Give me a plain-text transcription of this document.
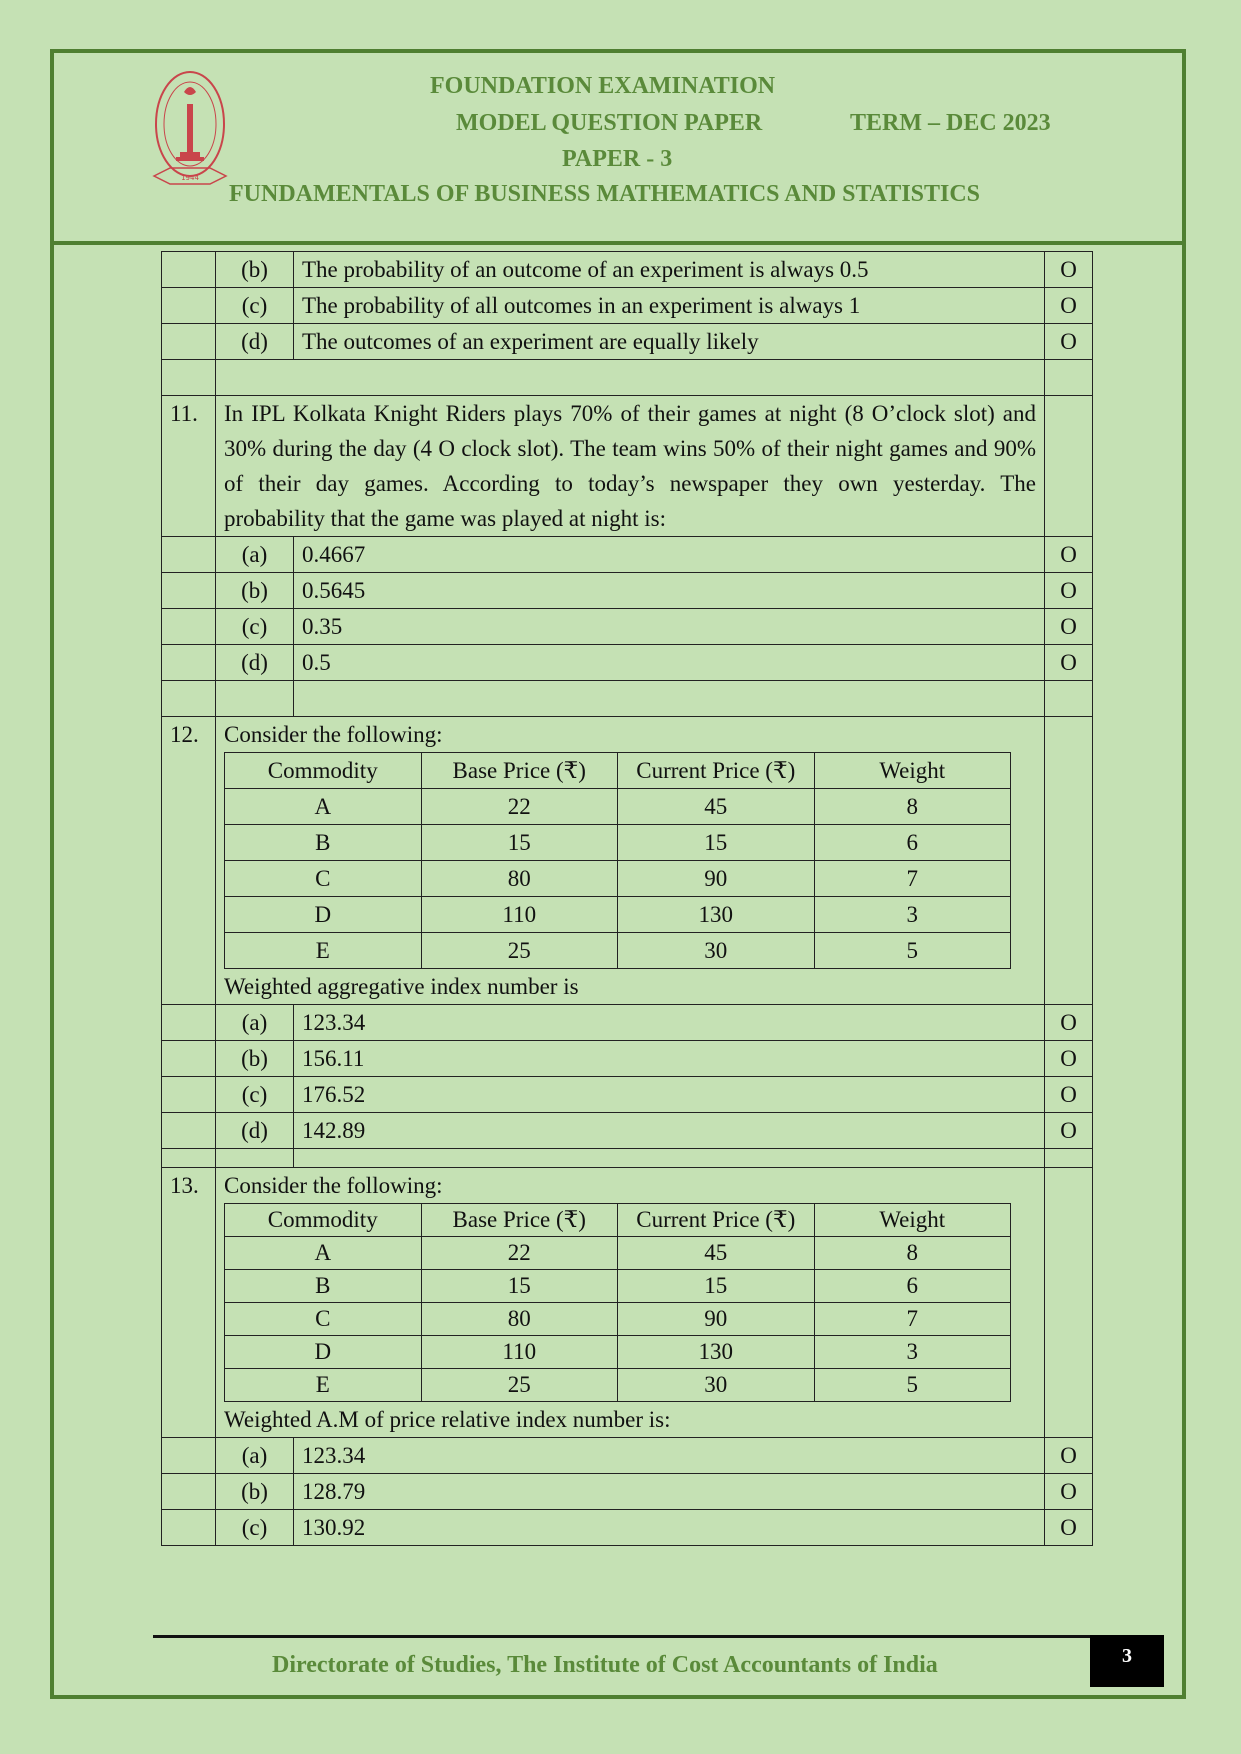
1944
FOUNDATION EXAMINATION
MODEL QUESTION PAPER	TERM – DEC 2023
PAPER - 3
FUNDAMENTALS OF BUSINESS MATHEMATICS AND STATISTICS
	(b)	The probability of an outcome of an experiment is always 0.5	O
	(c)	The probability of all outcomes in an experiment is always 1	O
	(d)	The outcomes of an experiment are equally likely	O

11.	In IPL Kolkata Knight Riders plays 70% of their games at night (8 O’clock slot) and 30% during the day (4 O clock slot). The team wins 50% of their night games and 90% of their day games. According to today’s newspaper they own yesterday. The probability that the game was played at night is:	
	(a)	0.4667	O
	(b)	0.5645	O
	(c)	0.35	O
	(d)	0.5	O

12.	Consider the following:
Commodity	Base Price (₹)	Current Price (₹)	Weight
A	22	45	8
B	15	15	6
C	80	90	7
D	110	130	3
E	25	30	5
Weighted aggregative index number is

	(a)	123.34	O
	(b)	156.11	O
	(c)	176.52	O
	(d)	142.89	O

13.	Consider the following:
Commodity	Base Price (₹)	Current Price (₹)	Weight
A	22	45	8
B	15	15	6
C	80	90	7
D	110	130	3
E	25	30	5
Weighted A.M of price relative index number is:

	(a)	123.34	O
	(b)	128.79	O
	(c)	130.92	O
Directorate of Studies, The Institute of Cost Accountants of India	3
